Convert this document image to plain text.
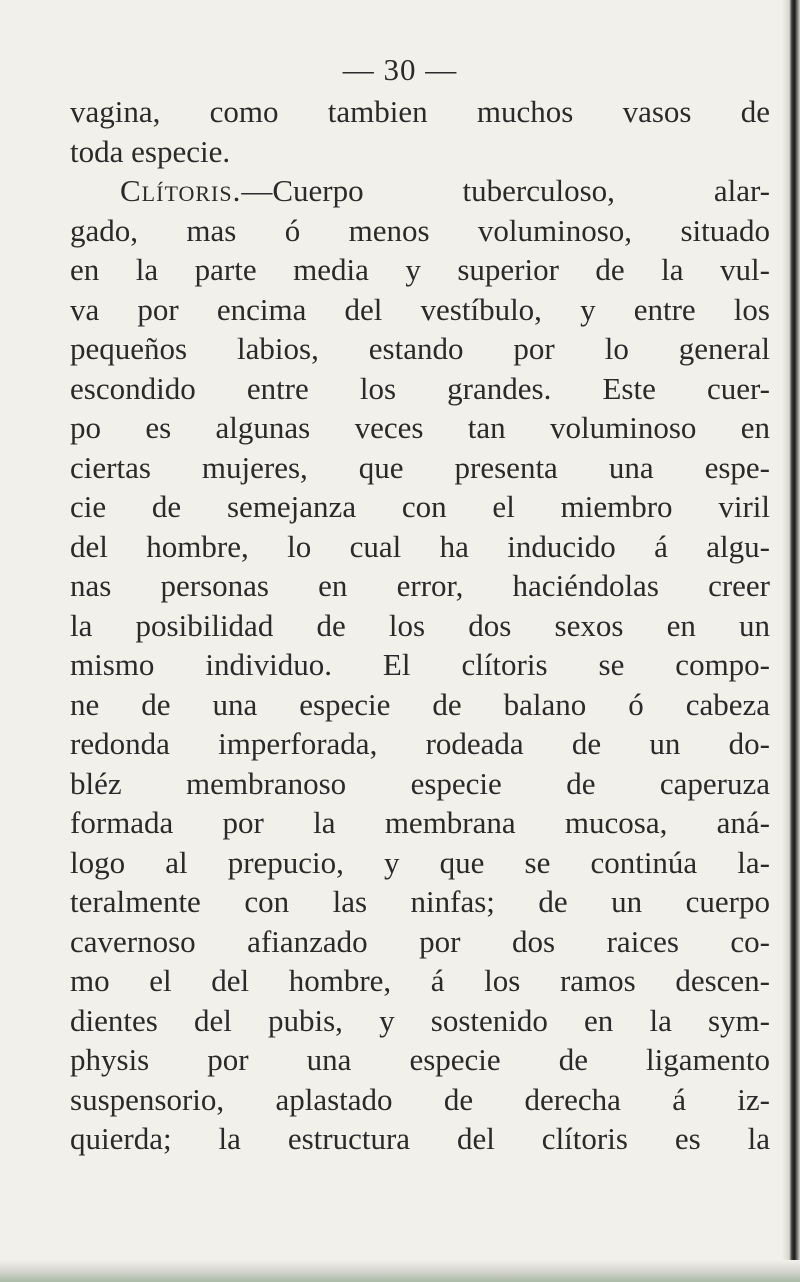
— 30 —
vagina, como tambien muchos vasos de
toda especie.
Clítoris.—Cuerpo tuberculoso, alar-
gado, mas ó menos voluminoso, situado
en la parte media y superior de la vul-
va por encima del vestíbulo, y entre los
pequeños labios, estando por lo general
escondido entre los grandes. Este cuer-
po es algunas veces tan voluminoso en
ciertas mujeres, que presenta una espe-
cie de semejanza con el miembro viril
del hombre, lo cual ha inducido á algu-
nas personas en error, haciéndolas creer
la posibilidad de los dos sexos en un
mismo individuo. El clítoris se compo-
ne de una especie de balano ó cabeza
redonda imperforada, rodeada de un do-
bléz membranoso especie de caperuza
formada por la membrana mucosa, aná-
logo al prepucio, y que se continúa la-
teralmente con las ninfas; de un cuerpo
cavernoso afianzado por dos raices co-
mo el del hombre, á los ramos descen-
dientes del pubis, y sostenido en la sym-
physis por una especie de ligamento
suspensorio, aplastado de derecha á iz-
quierda; la estructura del clítoris es la
